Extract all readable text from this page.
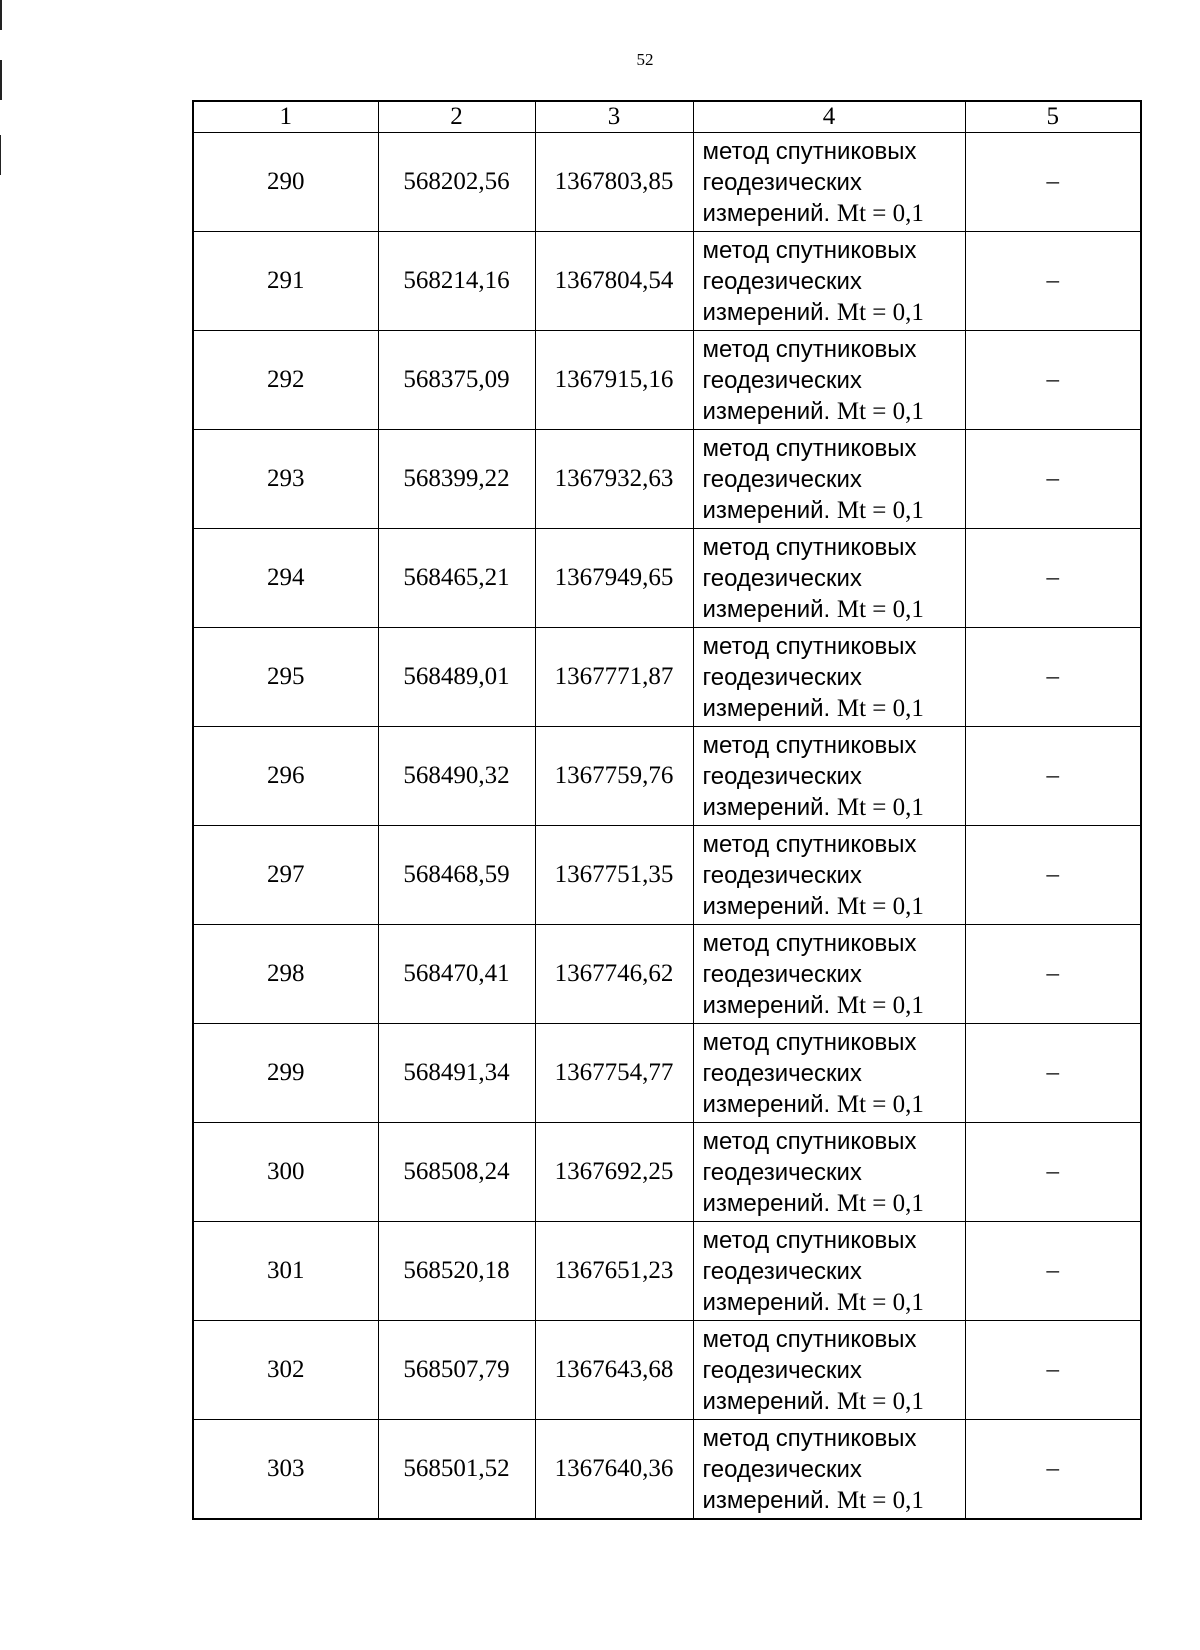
52
1	2	3	4	5
290	568202,56	1367803,85	метод спутниковых
геодезических
измерений. Mt = 0,1	–
291	568214,16	1367804,54	метод спутниковых
геодезических
измерений. Mt = 0,1	–
292	568375,09	1367915,16	метод спутниковых
геодезических
измерений. Mt = 0,1	–
293	568399,22	1367932,63	метод спутниковых
геодезических
измерений. Mt = 0,1	–
294	568465,21	1367949,65	метод спутниковых
геодезических
измерений. Mt = 0,1	–
295	568489,01	1367771,87	метод спутниковых
геодезических
измерений. Mt = 0,1	–
296	568490,32	1367759,76	метод спутниковых
геодезических
измерений. Mt = 0,1	–
297	568468,59	1367751,35	метод спутниковых
геодезических
измерений. Mt = 0,1	–
298	568470,41	1367746,62	метод спутниковых
геодезических
измерений. Mt = 0,1	–
299	568491,34	1367754,77	метод спутниковых
геодезических
измерений. Mt = 0,1	–
300	568508,24	1367692,25	метод спутниковых
геодезических
измерений. Mt = 0,1	–
301	568520,18	1367651,23	метод спутниковых
геодезических
измерений. Mt = 0,1	–
302	568507,79	1367643,68	метод спутниковых
геодезических
измерений. Mt = 0,1	–
303	568501,52	1367640,36	метод спутниковых
геодезических
измерений. Mt = 0,1	–
